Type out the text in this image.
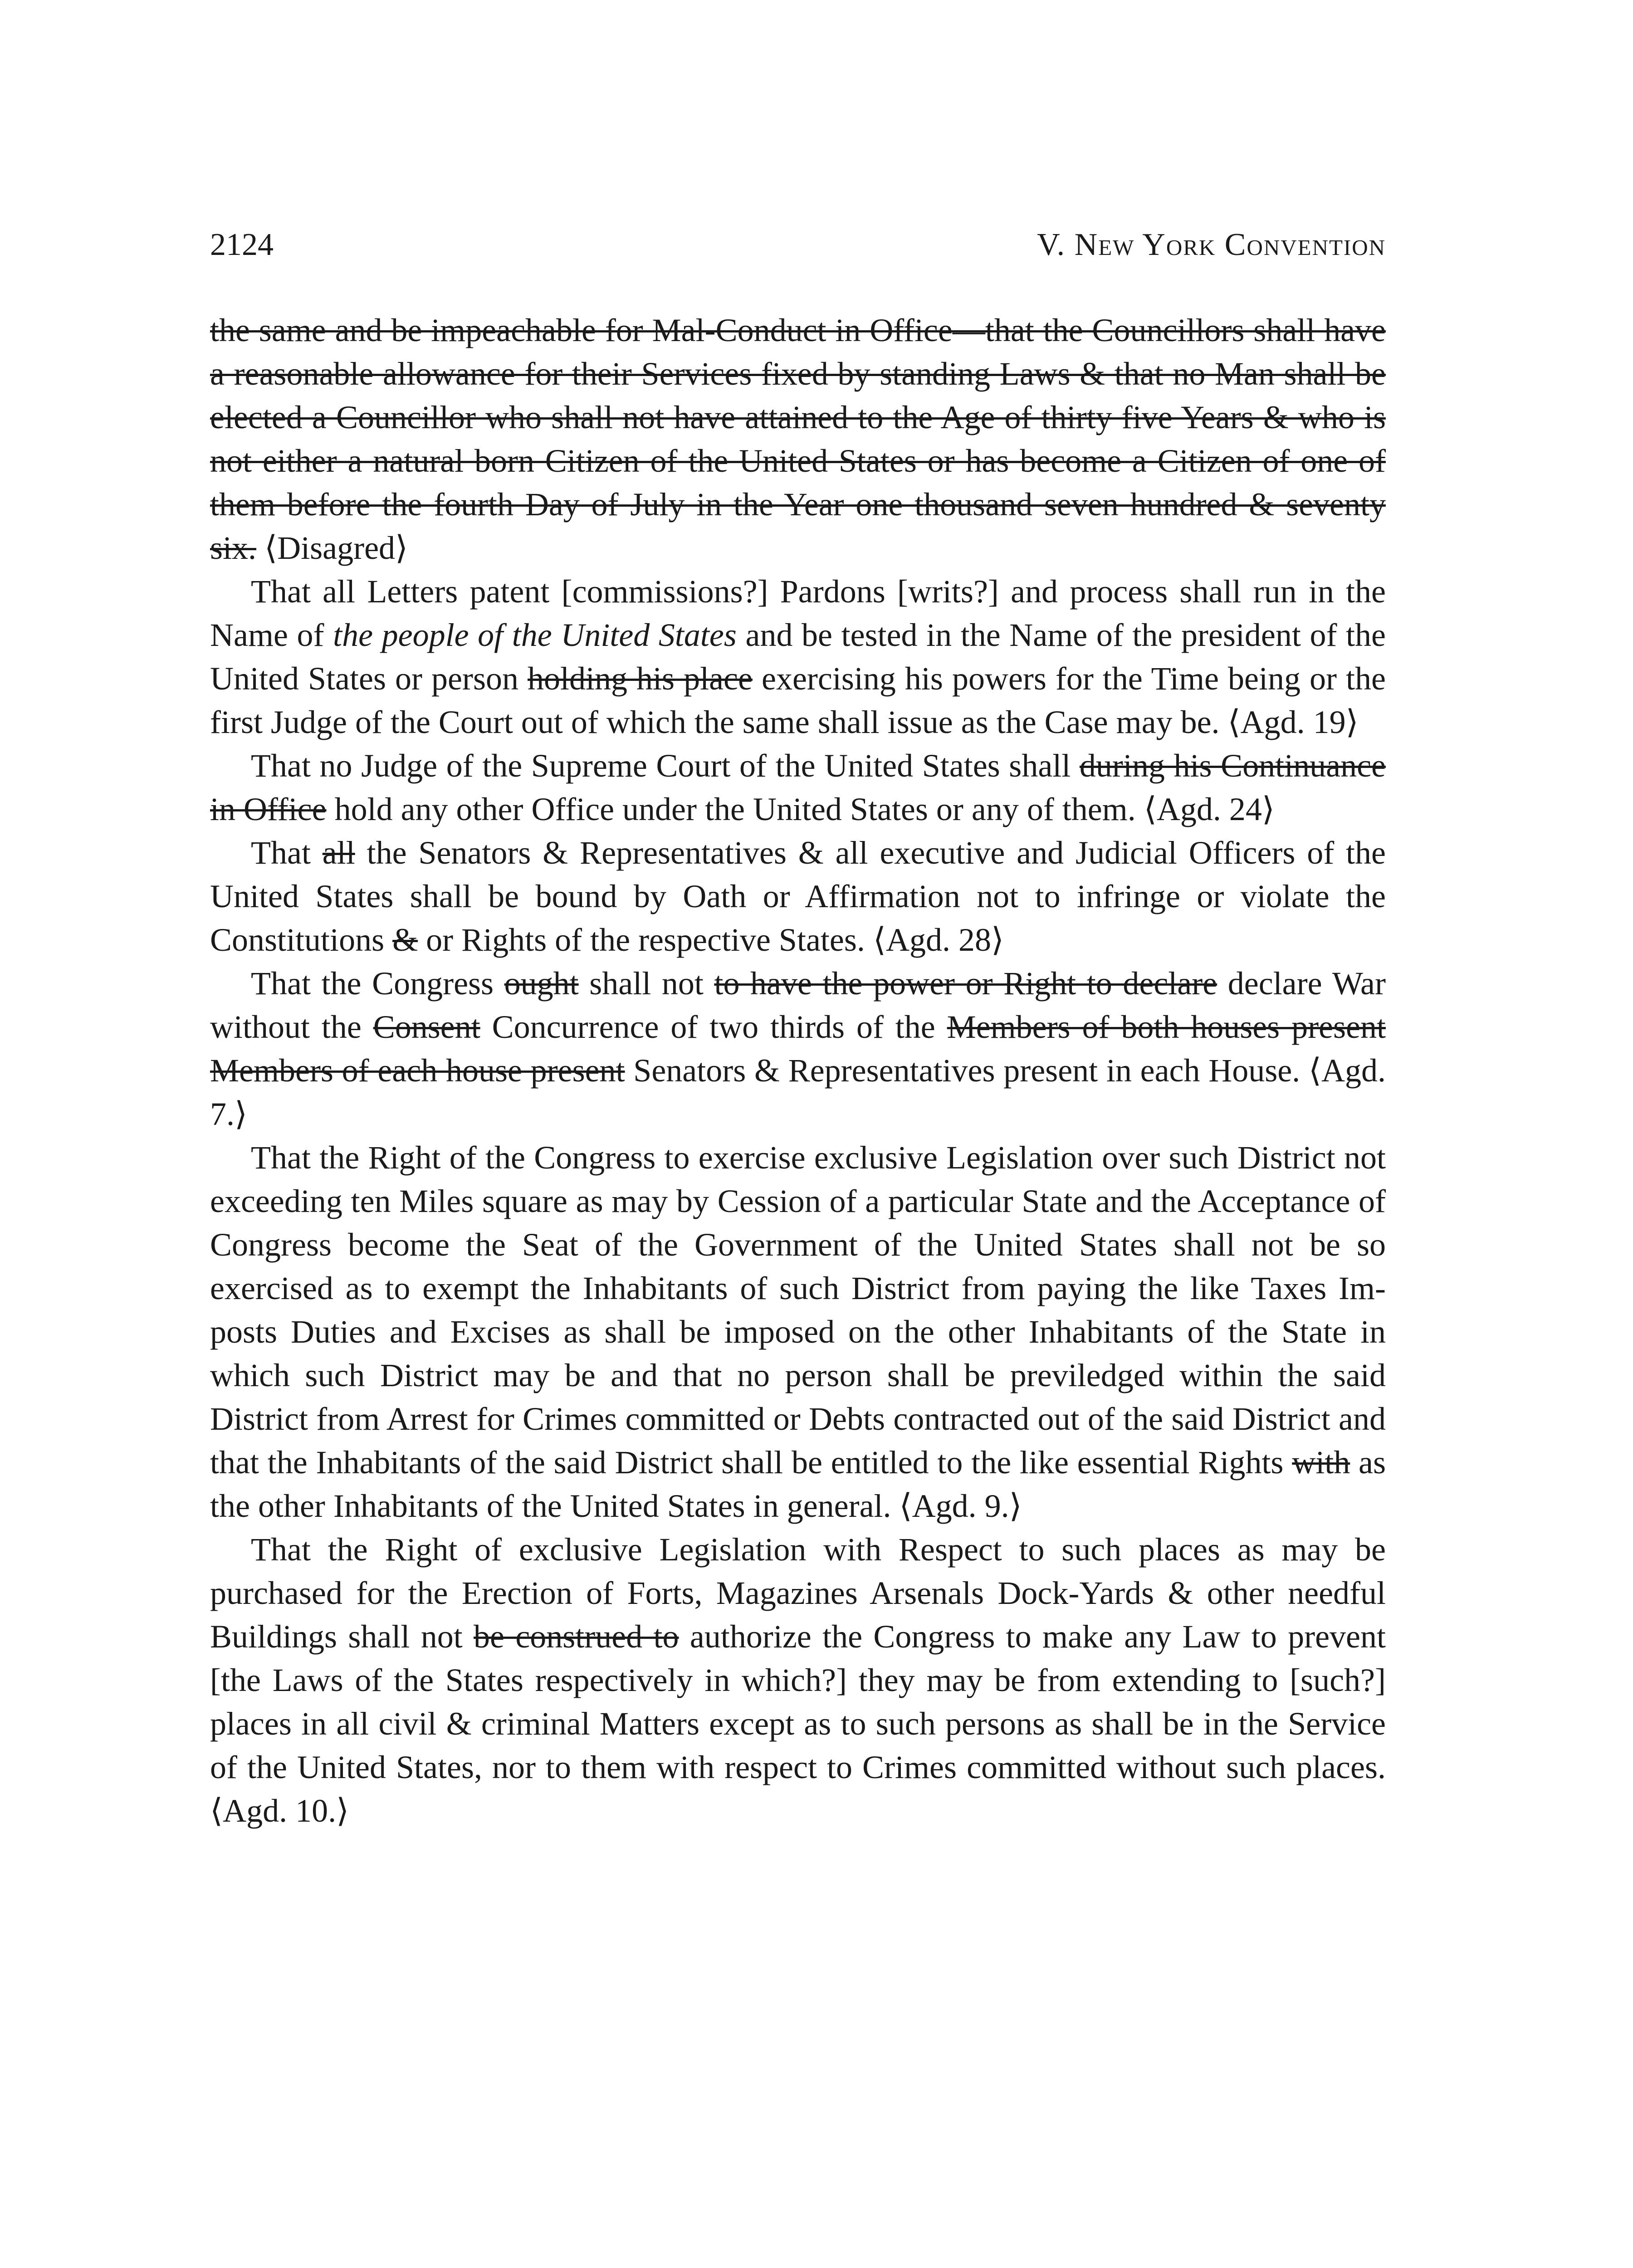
2124	V. New York Convention

the same and be impeachable for Mal-Conduct in Office—that the Councillors shall have a reasonable allowance for their Services fixed by standing Laws & that no Man shall be elected a Councillor who shall not have attained to the Age of thirty five Years & who is not either a natural born Citizen of the United States or has become a Citizen of one of them before the fourth Day of July in the Year one thousand seven hundred & seventy six. ⟨Disagred⟩

That all Letters patent [commissions?] Pardons [writs?] and process shall run in the Name of the people of the United States and be tested in the Name of the president of the United States or person holding his place exercising his powers for the Time being or the first Judge of the Court out of which the same shall issue as the Case may be. ⟨Agd. 19⟩

That no Judge of the Supreme Court of the United States shall during his Continuance in Office hold any other Office under the United States or any of them. ⟨Agd. 24⟩

That all the Senators & Representatives & all executive and Judicial Officers of the United States shall be bound by Oath or Affirmation not to infringe or violate the Constitutions & or Rights of the respective States. ⟨Agd. 28⟩

That the Congress ought shall not to have the power or Right to declare declare War without the Consent Concurrence of two thirds of the Members of both houses present Members of each house present Senators & Representatives present in each House. ⟨Agd. 7.⟩

That the Right of the Congress to exercise exclusive Legislation over such District not exceeding ten Miles square as may by Cession of a particular State and the Acceptance of Congress become the Seat of the Government of the United States shall not be so exercised as to exempt the Inhabitants of such District from paying the like Taxes Imposts Duties and Excises as shall be imposed on the other Inhabitants of the State in which such District may be and that no person shall be previledged within the said District from Arrest for Crimes committed or Debts contracted out of the said District and that the Inhabitants of the said District shall be entitled to the like essential Rights with as the other Inhabitants of the United States in general. ⟨Agd. 9.⟩

That the Right of exclusive Legislation with Respect to such places as may be purchased for the Erection of Forts, Magazines Arsenals Dock-Yards & other needful Buildings shall not be construed to authorize the Congress to make any Law to prevent [the Laws of the States respectively in which?] they may be from extending to [such?] places in all civil & criminal Matters except as to such persons as shall be in the Service of the United States, nor to them with respect to Crimes committed without such places. ⟨Agd. 10.⟩
